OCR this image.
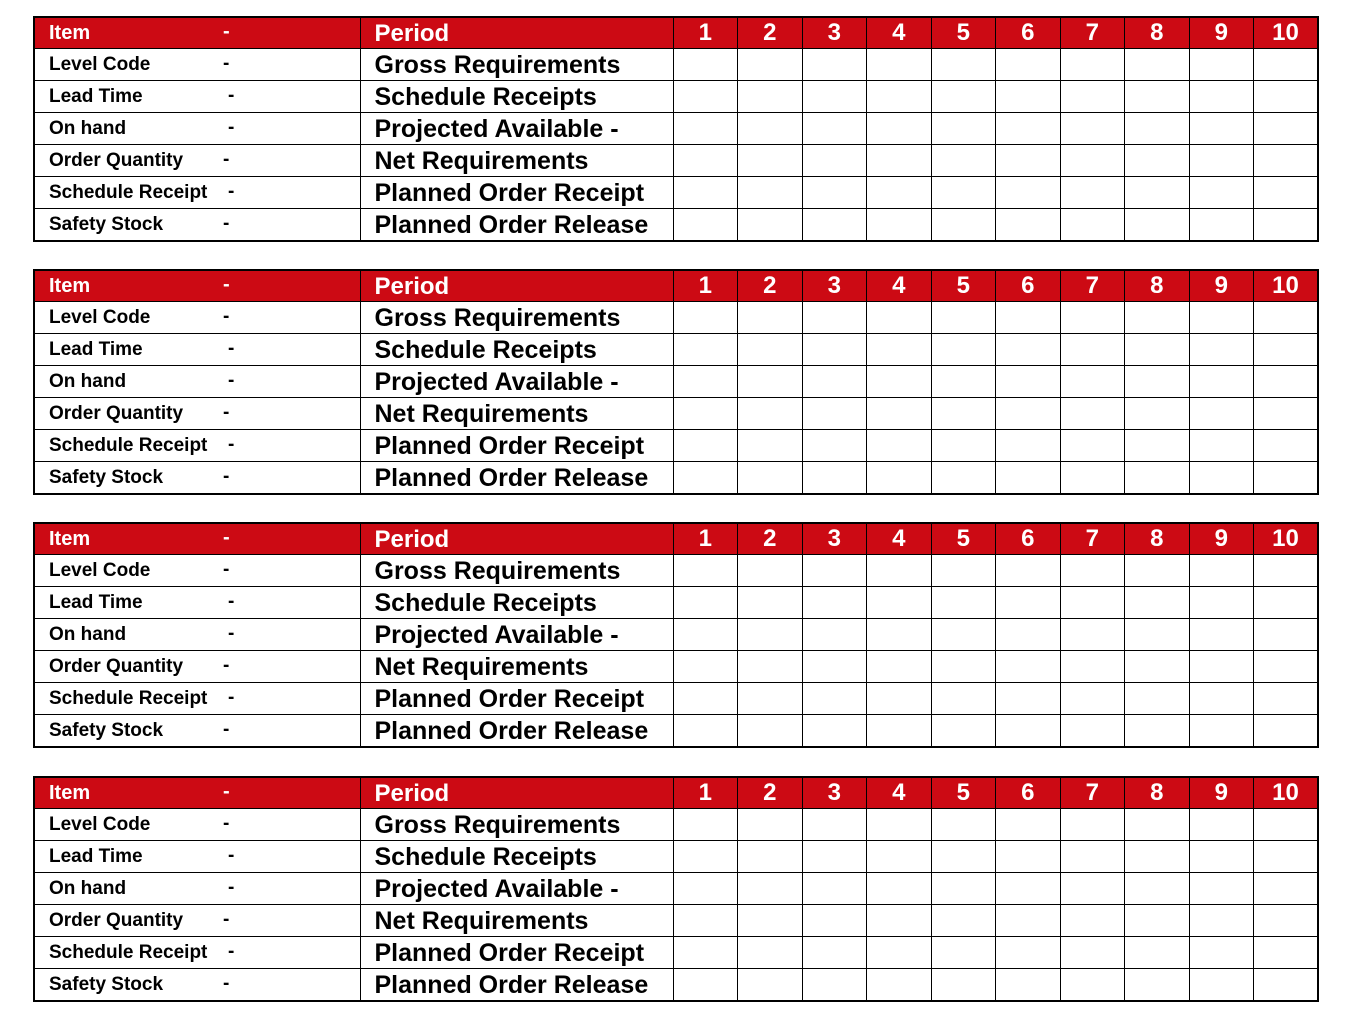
Item -	Period	1	2	3	4	5	6	7	8	9	10
Level Code -	Gross Requirements										
Lead Time -	Schedule Receipts										
On hand -	Projected Available -										
Order Quantity -	Net Requirements										
Schedule Receipt -	Planned Order Receipt										
Safety Stock -	Planned Order Release										
Item -	Period	1	2	3	4	5	6	7	8	9	10
Level Code -	Gross Requirements										
Lead Time -	Schedule Receipts										
On hand -	Projected Available -										
Order Quantity -	Net Requirements										
Schedule Receipt -	Planned Order Receipt										
Safety Stock -	Planned Order Release										
Item -	Period	1	2	3	4	5	6	7	8	9	10
Level Code -	Gross Requirements										
Lead Time -	Schedule Receipts										
On hand -	Projected Available -										
Order Quantity -	Net Requirements										
Schedule Receipt -	Planned Order Receipt										
Safety Stock -	Planned Order Release										
Item -	Period	1	2	3	4	5	6	7	8	9	10
Level Code -	Gross Requirements										
Lead Time -	Schedule Receipts										
On hand -	Projected Available -										
Order Quantity -	Net Requirements										
Schedule Receipt -	Planned Order Receipt										
Safety Stock -	Planned Order Release										
